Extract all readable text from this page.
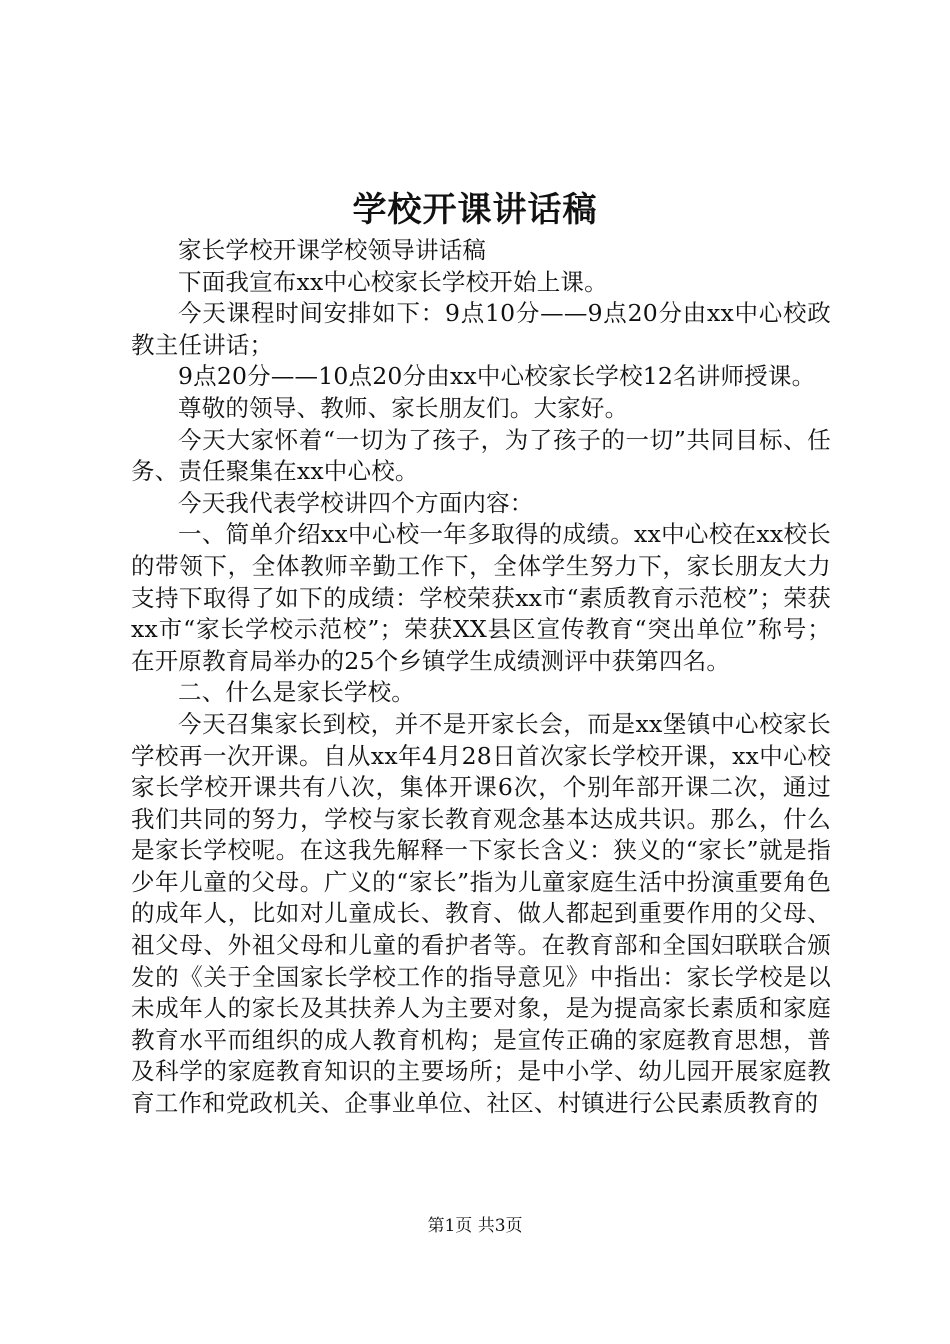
学校开课讲话稿

家长学校开课学校领导讲话稿

下面我宣布xx中心校家长学校开始上课。

今天课程时间安排如下：9点10分——9点20分由xx中心校政教主任讲话；

9点20分——10点20分由xx中心校家长学校12名讲师授课。

尊敬的领导、教师、家长朋友们。大家好。

今天大家怀着“一切为了孩子，为了孩子的一切”共同目标、任务、责任聚集在xx中心校。

今天我代表学校讲四个方面内容：

一、简单介绍xx中心校一年多取得的成绩。xx中心校在xx校长的带领下，全体教师辛勤工作下，全体学生努力下，家长朋友大力支持下取得了如下的成绩：学校荣获xx市“素质教育示范校”；荣获xx市“家长学校示范校”；荣获XX县区宣传教育“突出单位”称号；在开原教育局举办的25个乡镇学生成绩测评中获第四名。

二、什么是家长学校。

今天召集家长到校，并不是开家长会，而是xx堡镇中心校家长学校再一次开课。自从xx年4月28日首次家长学校开课，xx中心校家长学校开课共有八次，集体开课6次，个别年部开课二次，通过我们共同的努力，学校与家长教育观念基本达成共识。那么，什么是家长学校呢。在这我先解释一下家长含义：狭义的“家长”就是指少年儿童的父母。广义的“家长”指为儿童家庭生活中扮演重要角色的成年人，比如对儿童成长、教育、做人都起到重要作用的父母、祖父母、外祖父母和儿童的看护者等。在教育部和全国妇联联合颁发的《关于全国家长学校工作的指导意见》中指出：家长学校是以未成年人的家长及其扶养人为主要对象，是为提高家长素质和家庭教育水平而组织的成人教育机构；是宣传正确的家庭教育思想，普及科学的家庭教育知识的主要场所；是中小学、幼儿园开展家庭教育工作和党政机关、企事业单位、社区、村镇进行公民素质教育的

第1页 共3页
